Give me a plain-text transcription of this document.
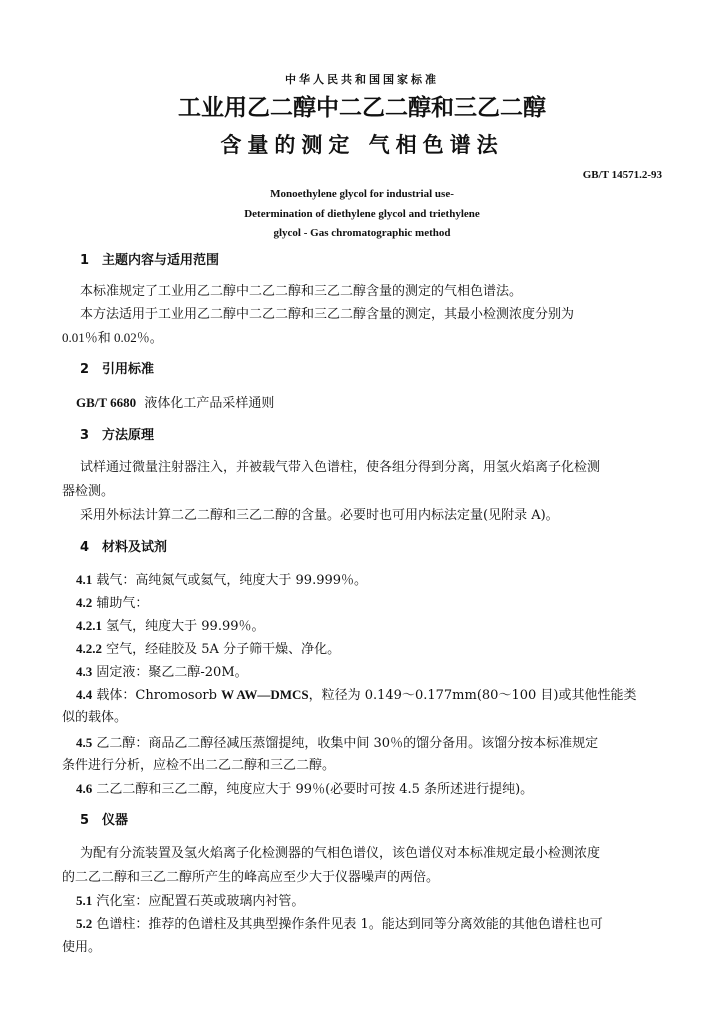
中华人民共和国国家标准
工业用乙二醇中二乙二醇和三乙二醇
含量的测定 气相色谱法
GB/T 14571.2-93
Monoethylene glycol for industrial use-
Determination of diethylene glycol and triethylene
glycol - Gas chromatographic method
1 主题内容与适用范围
本标准规定了工业用乙二醇中二乙二醇和三乙二醇含量的测定的气相色谱法。
本方法适用于工业用乙二醇中二乙二醇和三乙二醇含量的测定，其最小检测浓度分别为
0.01％和 0.02％。
2 引用标准
GB/T 6680 液体化工产品采样通则
3 方法原理
试样通过微量注射器注入，并被载气带入色谱柱，使各组分得到分离，用氢火焰离子化检测
器检测。
采用外标法计算二乙二醇和三乙二醇的含量。必要时也可用内标法定量(见附录 A)。
4 材料及试剂
4.1 载气：高纯氮气或氦气，纯度大于 99.999％。
4.2 辅助气：
4.2.1 氢气，纯度大于 99.99％。
4.2.2 空气，经硅胶及 5A 分子筛干燥、净化。
4.3 固定液：聚乙二醇-20M。
4.4 载体：Chromosorb W AW—DMCS，粒径为 0.149～0.177mm(80～100 目)或其他性能类
似的载体。
4.5 乙二醇：商品乙二醇径减压蒸馏提纯，收集中间 30％的馏分备用。该馏分按本标准规定
条件进行分析，应检不出二乙二醇和三乙二醇。
4.6 二乙二醇和三乙二醇，纯度应大于 99％(必要时可按 4.5 条所述进行提纯)。
5 仪器
为配有分流装置及氢火焰离子化检测器的气相色谱仪，该色谱仪对本标准规定最小检测浓度
的二乙二醇和三乙二醇所产生的峰高应至少大于仪器噪声的两倍。
5.1 汽化室：应配置石英或玻璃内衬管。
5.2 色谱柱：推荐的色谱柱及其典型操作条件见表 1。能达到同等分离效能的其他色谱柱也可
使用。
